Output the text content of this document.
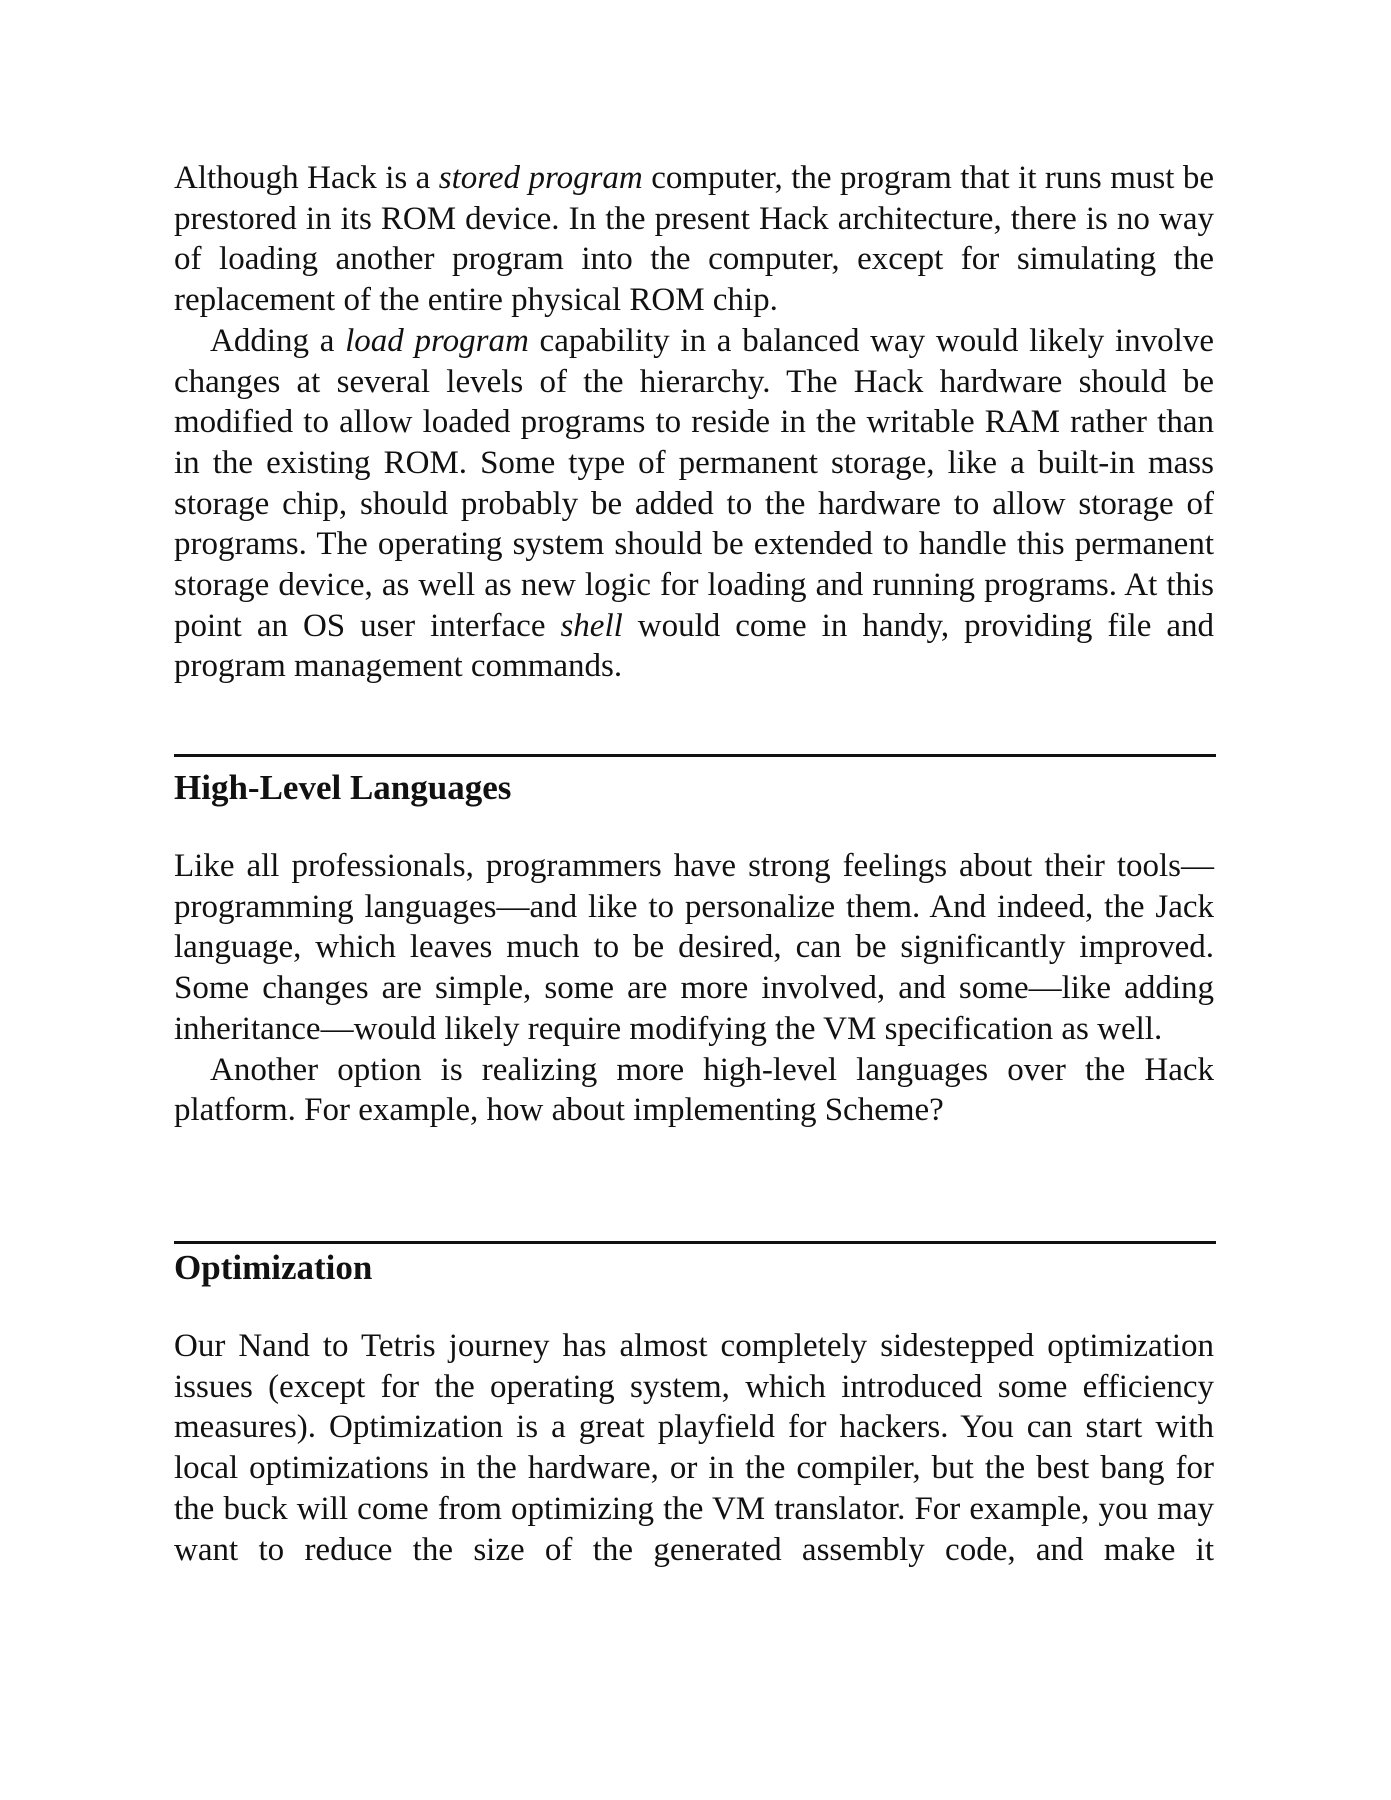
Although Hack is a stored program computer, the program that it runs must be prestored in its ROM device. In the present Hack architecture, there is no way of loading another program into the computer, except for simulating the replacement of the entire physical ROM chip.

Adding a load program capability in a balanced way would likely involve changes at several levels of the hierarchy. The Hack hardware should be modified to allow loaded programs to reside in the writable RAM rather than in the existing ROM. Some type of permanent storage, like a built-in mass storage chip, should probably be added to the hardware to allow storage of programs. The operating system should be extended to handle this permanent storage device, as well as new logic for loading and running programs. At this point an OS user interface shell would come in handy, providing file and program management commands.

High-Level Languages

Like all professionals, programmers have strong feelings about their tools—programming languages—and like to personalize them. And indeed, the Jack language, which leaves much to be desired, can be significantly improved. Some changes are simple, some are more involved, and some—like adding inheritance—would likely require modifying the VM specification as well.

Another option is realizing more high-level languages over the Hack platform. For example, how about implementing Scheme?

Optimization

Our Nand to Tetris journey has almost completely sidestepped optimization issues (except for the operating system, which introduced some efficiency measures). Optimization is a great playfield for hackers. You can start with local optimizations in the hardware, or in the compiler, but the best bang for the buck will come from optimizing the VM translator. For example, you may want to reduce the size of the generated assembly code, and make it
